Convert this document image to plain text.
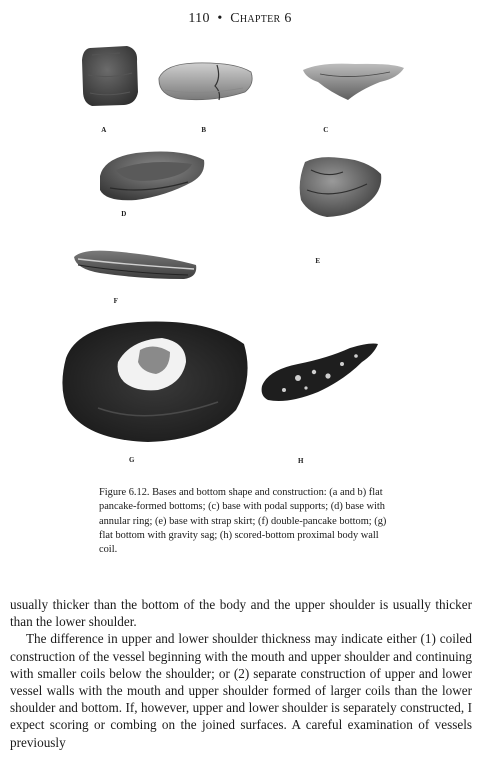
110 • Chapter 6
A	B	C
D
E
F
G	H
Figure 6.12. Bases and bottom shape and construction: (a and b) flat pancake-formed bottoms; (c) base with podal supports; (d) base with annular ring; (e) base with strap skirt; (f) double-pancake bottom; (g) flat bottom with gravity sag; (h) scored-bottom proximal body wall coil.

usually thicker than the bottom of the body and the upper shoulder is usually thicker than the lower shoulder.

The difference in upper and lower shoulder thickness may indicate either (1) coiled construction of the vessel beginning with the mouth and upper shoulder and continuing with smaller coils below the shoulder; or (2) separate construction of upper and lower vessel walls with the mouth and upper shoulder formed of larger coils than the lower shoulder and bottom. If, however, upper and lower shoulder is separately constructed, I expect scoring or combing on the joined surfaces. A careful examination of vessels previously
